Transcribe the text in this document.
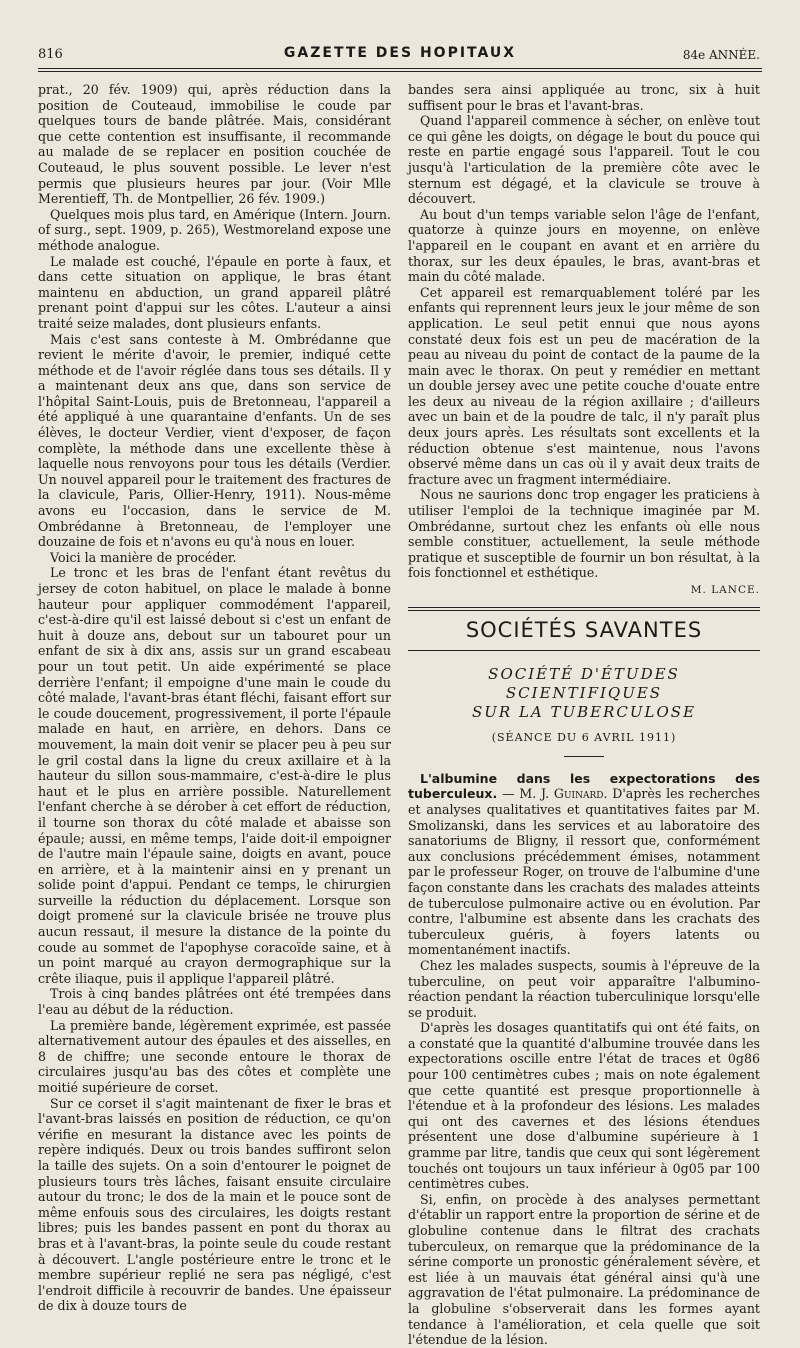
816	GAZETTE DES HOPITAUX	84e ANNÉE.

prat., 20 fév. 1909) qui, après réduction dans la position de Couteaud, immobilise le coude par quelques tours de bande plâtrée. Mais, considérant que cette contention est insuffisante, il recommande au malade de se replacer en position couchée de Couteaud, le plus souvent possible. Le lever n'est permis que plusieurs heures par jour. (Voir Mlle Merentieff, Th. de Montpellier, 26 fév. 1909.)

Quelques mois plus tard, en Amérique (Intern. Journ. of surg., sept. 1909, p. 265), Westmoreland expose une méthode analogue.

Le malade est couché, l'épaule en porte à faux, et dans cette situation on applique, le bras étant maintenu en abduction, un grand appareil plâtré prenant point d'appui sur les côtes. L'auteur a ainsi traité seize malades, dont plusieurs enfants.

Mais c'est sans conteste à M. Ombrédanne que revient le mérite d'avoir, le premier, indiqué cette méthode et de l'avoir réglée dans tous ses détails. Il y a maintenant deux ans que, dans son service de l'hôpital Saint-Louis, puis de Bretonneau, l'appareil a été appliqué à une quarantaine d'enfants. Un de ses élèves, le docteur Verdier, vient d'exposer, de façon complète, la méthode dans une excellente thèse à laquelle nous renvoyons pour tous les détails (Verdier. Un nouvel appareil pour le traitement des fractures de la clavicule, Paris, Ollier-Henry, 1911). Nous-même avons eu l'occasion, dans le service de M. Ombrédanne à Bretonneau, de l'employer une douzaine de fois et n'avons eu qu'à nous en louer.

Voici la manière de procéder.

Le tronc et les bras de l'enfant étant revêtus du jersey de coton habituel, on place le malade à bonne hauteur pour appliquer commodément l'appareil, c'est-à-dire qu'il est laissé debout si c'est un enfant de huit à douze ans, debout sur un tabouret pour un enfant de six à dix ans, assis sur un grand escabeau pour un tout petit. Un aide expérimenté se place derrière l'enfant; il empoigne d'une main le coude du côté malade, l'avant-bras étant fléchi, faisant effort sur le coude doucement, progressivement, il porte l'épaule malade en haut, en arrière, en dehors. Dans ce mouvement, la main doit venir se placer peu à peu sur le gril costal dans la ligne du creux axillaire et à la hauteur du sillon sous-mammaire, c'est-à-dire le plus haut et le plus en arrière possible. Naturellement l'enfant cherche à se dérober à cet effort de réduction, il tourne son thorax du côté malade et abaisse son épaule; aussi, en même temps, l'aide doit-il empoigner de l'autre main l'épaule saine, doigts en avant, pouce en arrière, et à la maintenir ainsi en y prenant un solide point d'appui. Pendant ce temps, le chirurgien surveille la réduction du déplacement. Lorsque son doigt promené sur la clavicule brisée ne trouve plus aucun ressaut, il mesure la distance de la pointe du coude au sommet de l'apophyse coracoïde saine, et à un point marqué au crayon dermographique sur la crête iliaque, puis il applique l'appareil plâtré.

Trois à cinq bandes plâtrées ont été trempées dans l'eau au début de la réduction.

La première bande, légèrement exprimée, est passée alternativement autour des épaules et des aisselles, en 8 de chiffre; une seconde entoure le thorax de circulaires jusqu'au bas des côtes et complète une moitié supérieure de corset.

Sur ce corset il s'agit maintenant de fixer le bras et l'avant-bras laissés en position de réduction, ce qu'on vérifie en mesurant la distance avec les points de repère indiqués. Deux ou trois bandes suffiront selon la taille des sujets. On a soin d'entourer le poignet de plusieurs tours très lâches, faisant ensuite circulaire autour du tronc; le dos de la main et le pouce sont de même enfouis sous des circulaires, les doigts restant libres; puis les bandes passent en pont du thorax au bras et à l'avant-bras, la pointe seule du coude restant à découvert. L'angle postérieure entre le tronc et le membre supérieur replié ne sera pas négligé, c'est l'endroit difficile à recouvrir de bandes. Une épaisseur de dix à douze tours de

bandes sera ainsi appliquée au tronc, six à huit suffisent pour le bras et l'avant-bras.

Quand l'appareil commence à sécher, on enlève tout ce qui gêne les doigts, on dégage le bout du pouce qui reste en partie engagé sous l'appareil. Tout le cou jusqu'à l'articulation de la première côte avec le sternum est dégagé, et la clavicule se trouve à découvert.

Au bout d'un temps variable selon l'âge de l'enfant, quatorze à quinze jours en moyenne, on enlève l'appareil en le coupant en avant et en arrière du thorax, sur les deux épaules, le bras, avant-bras et main du côté malade.

Cet appareil est remarquablement toléré par les enfants qui reprennent leurs jeux le jour même de son application. Le seul petit ennui que nous ayons constaté deux fois est un peu de macération de la peau au niveau du point de contact de la paume de la main avec le thorax. On peut y remédier en mettant un double jersey avec une petite couche d'ouate entre les deux au niveau de la région axillaire ; d'ailleurs avec un bain et de la poudre de talc, il n'y paraît plus deux jours après. Les résultats sont excellents et la réduction obtenue s'est maintenue, nous l'avons observé même dans un cas où il y avait deux traits de fracture avec un fragment intermédiaire.

Nous ne saurions donc trop engager les praticiens à utiliser l'emploi de la technique imaginée par M. Ombrédanne, surtout chez les enfants où elle nous semble constituer, actuellement, la seule méthode pratique et susceptible de fournir un bon résultat, à la fois fonctionnel et esthétique.

M. LANCE.
SOCIÉTÉS SAVANTES
SOCIÉTÉ D'ÉTUDES SCIENTIFIQUES
SUR LA TUBERCULOSE
(SÉANCE DU 6 AVRIL 1911)

L'albumine dans les expectorations des tuberculeux. — M. J. Guinard. D'après les recherches et analyses qualitatives et quantitatives faites par M. Smolizanski, dans les services et au laboratoire des sanatoriums de Bligny, il ressort que, conformément aux conclusions précédemment émises, notamment par le professeur Roger, on trouve de l'albumine d'une façon constante dans les crachats des malades atteints de tuberculose pulmonaire active ou en évolution. Par contre, l'albumine est absente dans les crachats des tuberculeux guéris, à foyers latents ou momentanément inactifs.

Chez les malades suspects, soumis à l'épreuve de la tuberculine, on peut voir apparaître l'albumino-réaction pendant la réaction tuberculinique lorsqu'elle se produit.

D'après les dosages quantitatifs qui ont été faits, on a constaté que la quantité d'albumine trouvée dans les expectorations oscille entre l'état de traces et 0g86 pour 100 centimètres cubes ; mais on note également que cette quantité est presque proportionnelle à l'étendue et à la profondeur des lésions. Les malades qui ont des cavernes et des lésions étendues présentent une dose d'albumine supérieure à 1 gramme par litre, tandis que ceux qui sont légèrement touchés ont toujours un taux inférieur à 0g05 par 100 centimètres cubes.

Si, enfin, on procède à des analyses permettant d'établir un rapport entre la proportion de sérine et de globuline contenue dans le filtrat des crachats tuberculeux, on remarque que la prédominance de la sérine comporte un pronostic généralement sévère, et est liée à un mauvais état général ainsi qu'à une aggravation de l'état pulmonaire. La prédominance de la globuline s'observerait dans les formes ayant tendance à l'amélioration, et cela quelle que soit l'étendue de la lésion.
